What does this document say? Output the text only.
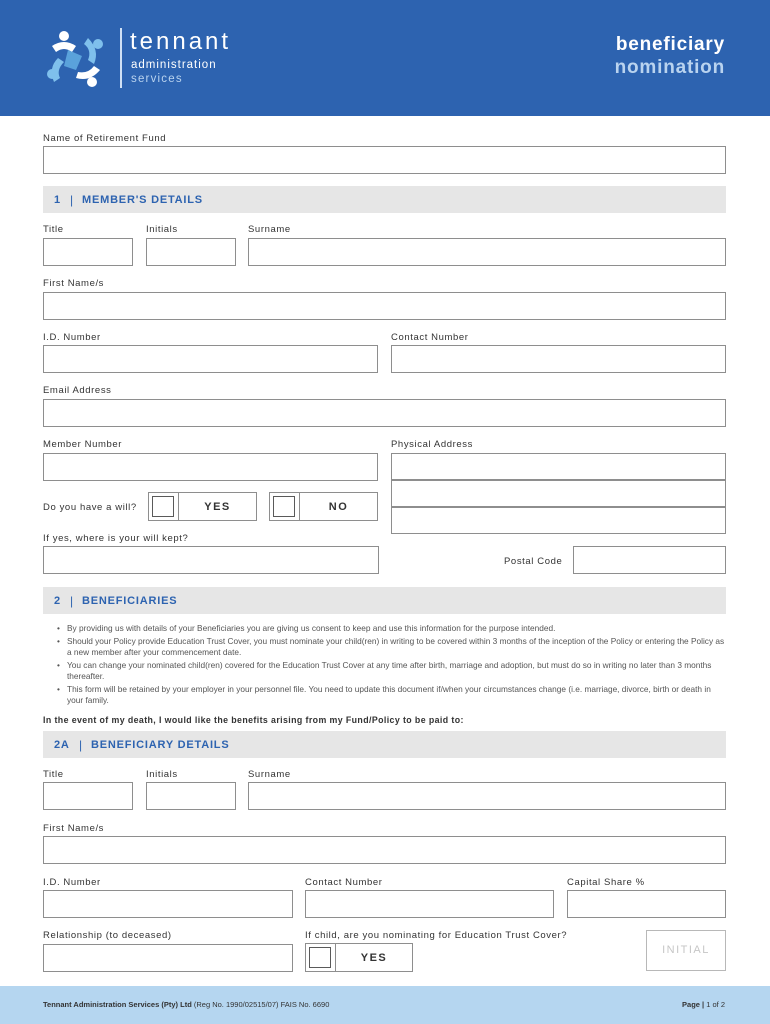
tennant
administration
services
beneficiary
nomination
Name of Retirement Fund
1 | MEMBER'S DETAILS
Title	Initials	Surname
First Name/s
I.D. Number	Contact Number
Email Address
Member Number	Physical Address
Do you have a will?	YES	NO
If yes, where is your will kept?
Postal Code
2 | BENEFICIARIES
• By providing us with details of your Beneficiaries you are giving us consent to keep and use this information for the purpose intended.
• Should your Policy provide Education Trust Cover, you must nominate your child(ren) in writing to be covered within 3 months of the inception of the Policy or entering the Policy as a new member after your commencement date.
• You can change your nominated child(ren) covered for the Education Trust Cover at any time after birth, marriage and adoption, but must do so in writing no later than 3 months thereafter.
• This form will be retained by your employer in your personnel file. You need to update this document if/when your circumstances change (i.e. marriage, divorce, birth or death in your family.
In the event of my death, I would like the benefits arising from my Fund/Policy to be paid to:
2A | BENEFICIARY DETAILS
Title	Initials	Surname
First Name/s
I.D. Number	Contact Number	Capital Share %
Relationship (to deceased)	If child, are you nominating for Education Trust Cover?
YES
INITIAL
Tennant Administration Services (Pty) Ltd (Reg No. 1990/02515/07) FAIS No. 6690	Page | 1 of 2
